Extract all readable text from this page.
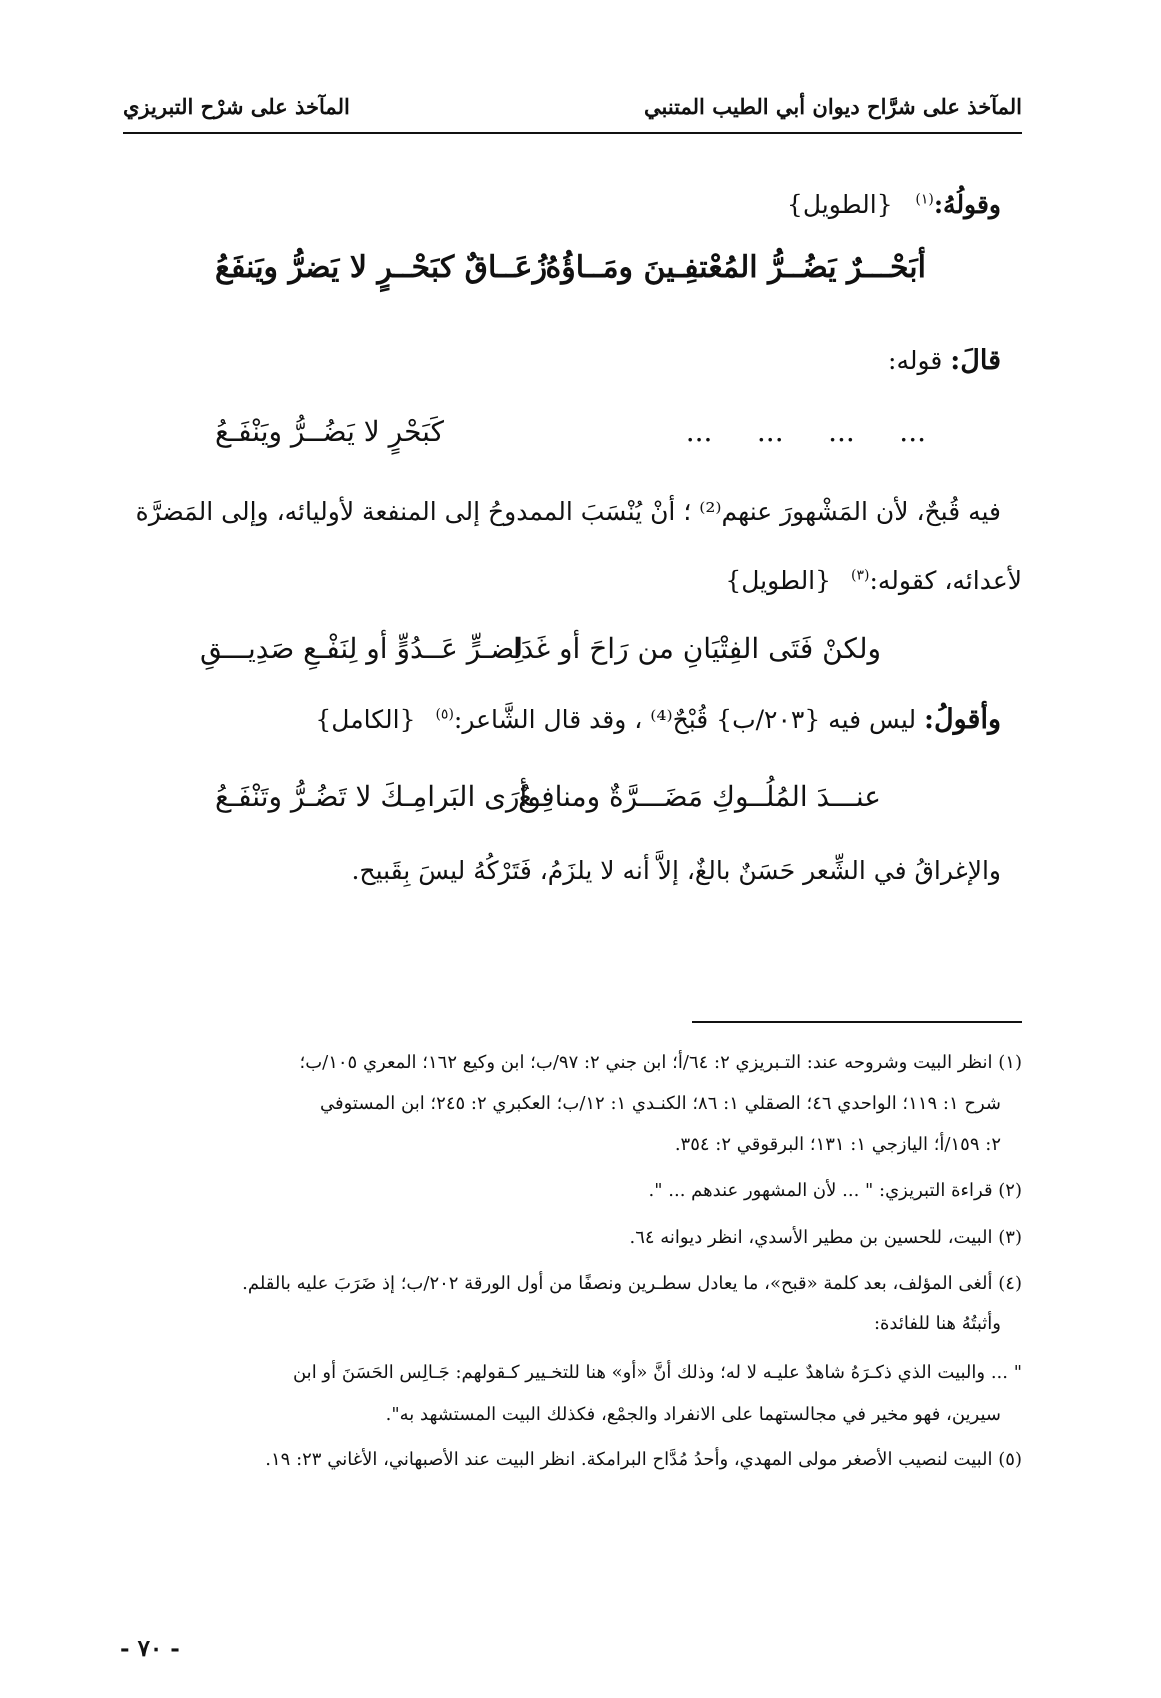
المآخذ على شرَّاح ديوان أبي الطيب المتنبي
المآخذ على شرْح التبريزي
وقولُهُ:$^{(١)}$ {الطويل}
أبَحْـــرٌ يَضُــرُّ المُعْتفِـينَ ومَــاؤُهُ
زُعَــاقٌ كبَحْــرٍ لا يَضرُّ ويَنفَعُ
قالَ: قوله:
...     ...     ...     ...
كَبَحْرٍ لا يَضُــرُّ ويَنْفَـعُ
فيه قُبحٌ، لأن المَشْهورَ عنهم⁽²⁾ ؛ أنْ يُنْسَبَ الممدوحُ إلى المنفعة لأوليائه، وإلى المَضرَّة
لأعدائه، كقوله:$^{(٣)}$ {الطويل}
ولكنْ فَتَى الفِتْيَانِ من رَاحَ أو غَدَا
لِضـرٍّ عَــدُوٍّ أو لِنَفْـعِ صَدِيـــقِ
وأقولُ: ليس فيه {٢٠٣/ب} قُبْحٌ⁽⁴⁾ ، وقد قال الشَّاعر:$^{(٥)}$ {الكامل}
عنـــدَ المُلُــوكِ مَضَـــرَّةٌ ومنافِـعٌ
وأرَى البَرامِـكَ لا تَضُـرُّ وتَنْفَـعُ
والإغراقُ في الشِّعر حَسَنٌ بالغٌ، إلاَّ أنه لا يلزَمُ، فَتَرْكُهُ ليسَ بِقَبيح.
(١) انظر البيت وشروحه عند: التـبريزي ٢: ٦٤/أ؛ ابن جني ٢: ٩٧/ب؛ ابن وكيع ١٦٢؛ المعري ١٠٥/ب؛
شرح ١: ١١٩؛ الواحدي ٤٦؛ الصقلي ١: ٨٦؛ الكنـدي ١: ١٢/ب؛ العكبري ٢: ٢٤٥؛ ابن المستوفي
٢: ١٥٩/أ؛ اليازجي ١: ١٣١؛ البرقوقي ٢: ٣٥٤.
(٢) قراءة التبريزي: " ... لأن المشهور عندهم ... ".
(٣) البيت، للحسين بن مطير الأسدي، انظر ديوانه ٦٤.
(٤) ألغى المؤلف، بعد كلمة «قبح»، ما يعادل سطـرين ونصفًا من أول الورقة ٢٠٢/ب؛ إذ ضَرَبَ عليه بالقلم.
وأثبتُهُ هنا للفائدة:
" ... والبيت الذي ذكـرَهُ شاهدٌ عليـه لا له؛ وذلك أنَّ «أو» هنا للتخـيير كـقولهم: جَـالِس الحَسَنَ أو ابن
سيرين، فهو مخير في مجالستهما على الانفراد والجمْع، فكذلك البيت المستشهد به".
(٥) البيت لنصيب الأصغر مولى المهدي، وأحدُ مُدَّاح البرامكة. انظر البيت عند الأصبهاني، الأغاني ٢٣: ١٩.
- ٧٠ -
